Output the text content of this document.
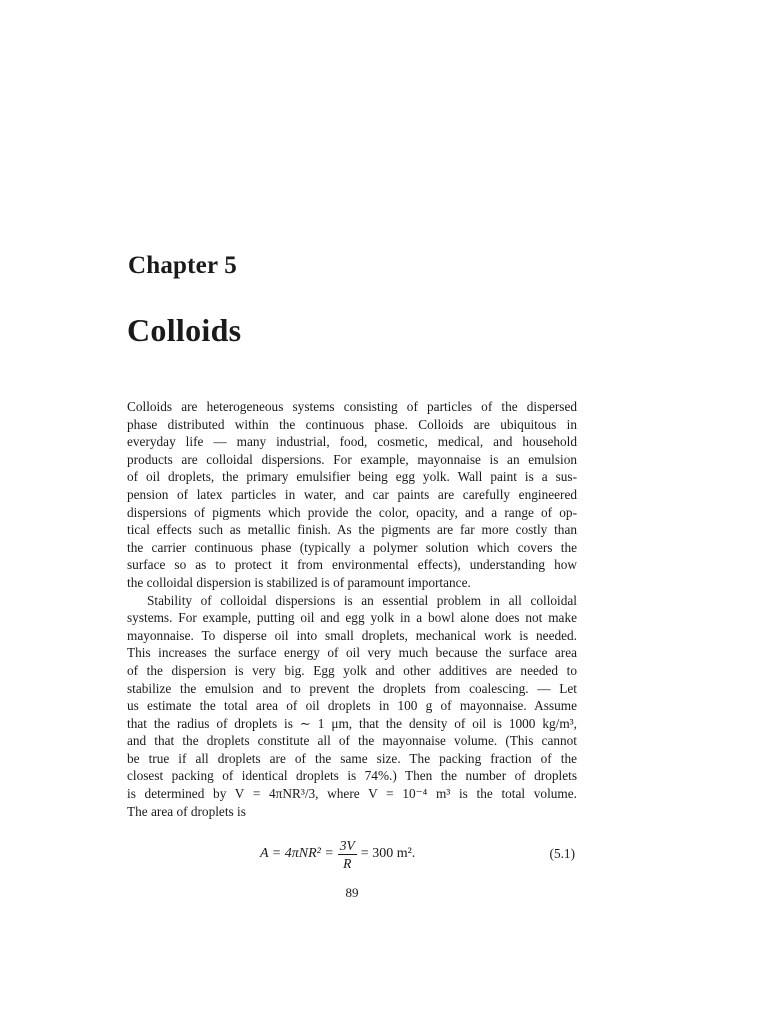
Chapter 5
Colloids

Colloids are heterogeneous systems consisting of particles of the dispersed
phase distributed within the continuous phase. Colloids are ubiquitous in
everyday life — many industrial, food, cosmetic, medical, and household
products are colloidal dispersions. For example, mayonnaise is an emulsion
of oil droplets, the primary emulsifier being egg yolk. Wall paint is a sus-
pension of latex particles in water, and car paints are carefully engineered
dispersions of pigments which provide the color, opacity, and a range of op-
tical effects such as metallic finish. As the pigments are far more costly than
the carrier continuous phase (typically a polymer solution which covers the
surface so as to protect it from environmental effects), understanding how
the colloidal dispersion is stabilized is of paramount importance.

Stability of colloidal dispersions is an essential problem in all colloidal
systems. For example, putting oil and egg yolk in a bowl alone does not make
mayonnaise. To disperse oil into small droplets, mechanical work is needed.
This increases the surface energy of oil very much because the surface area
of the dispersion is very big. Egg yolk and other additives are needed to
stabilize the emulsion and to prevent the droplets from coalescing. — Let
us estimate the total area of oil droplets in 100 g of mayonnaise. Assume
that the radius of droplets is ∼ 1 μm, that the density of oil is 1000 kg/m³,
and that the droplets constitute all of the mayonnaise volume. (This cannot
be true if all droplets are of the same size. The packing fraction of the
closest packing of identical droplets is 74%.) Then the number of droplets
is determined by V = 4πNR³/3, where V = 10⁻⁴ m³ is the total volume.
The area of droplets is

$A = 4\pi NR^2 = \frac{3V}{R} = 300$ m².	(5.1)
89
